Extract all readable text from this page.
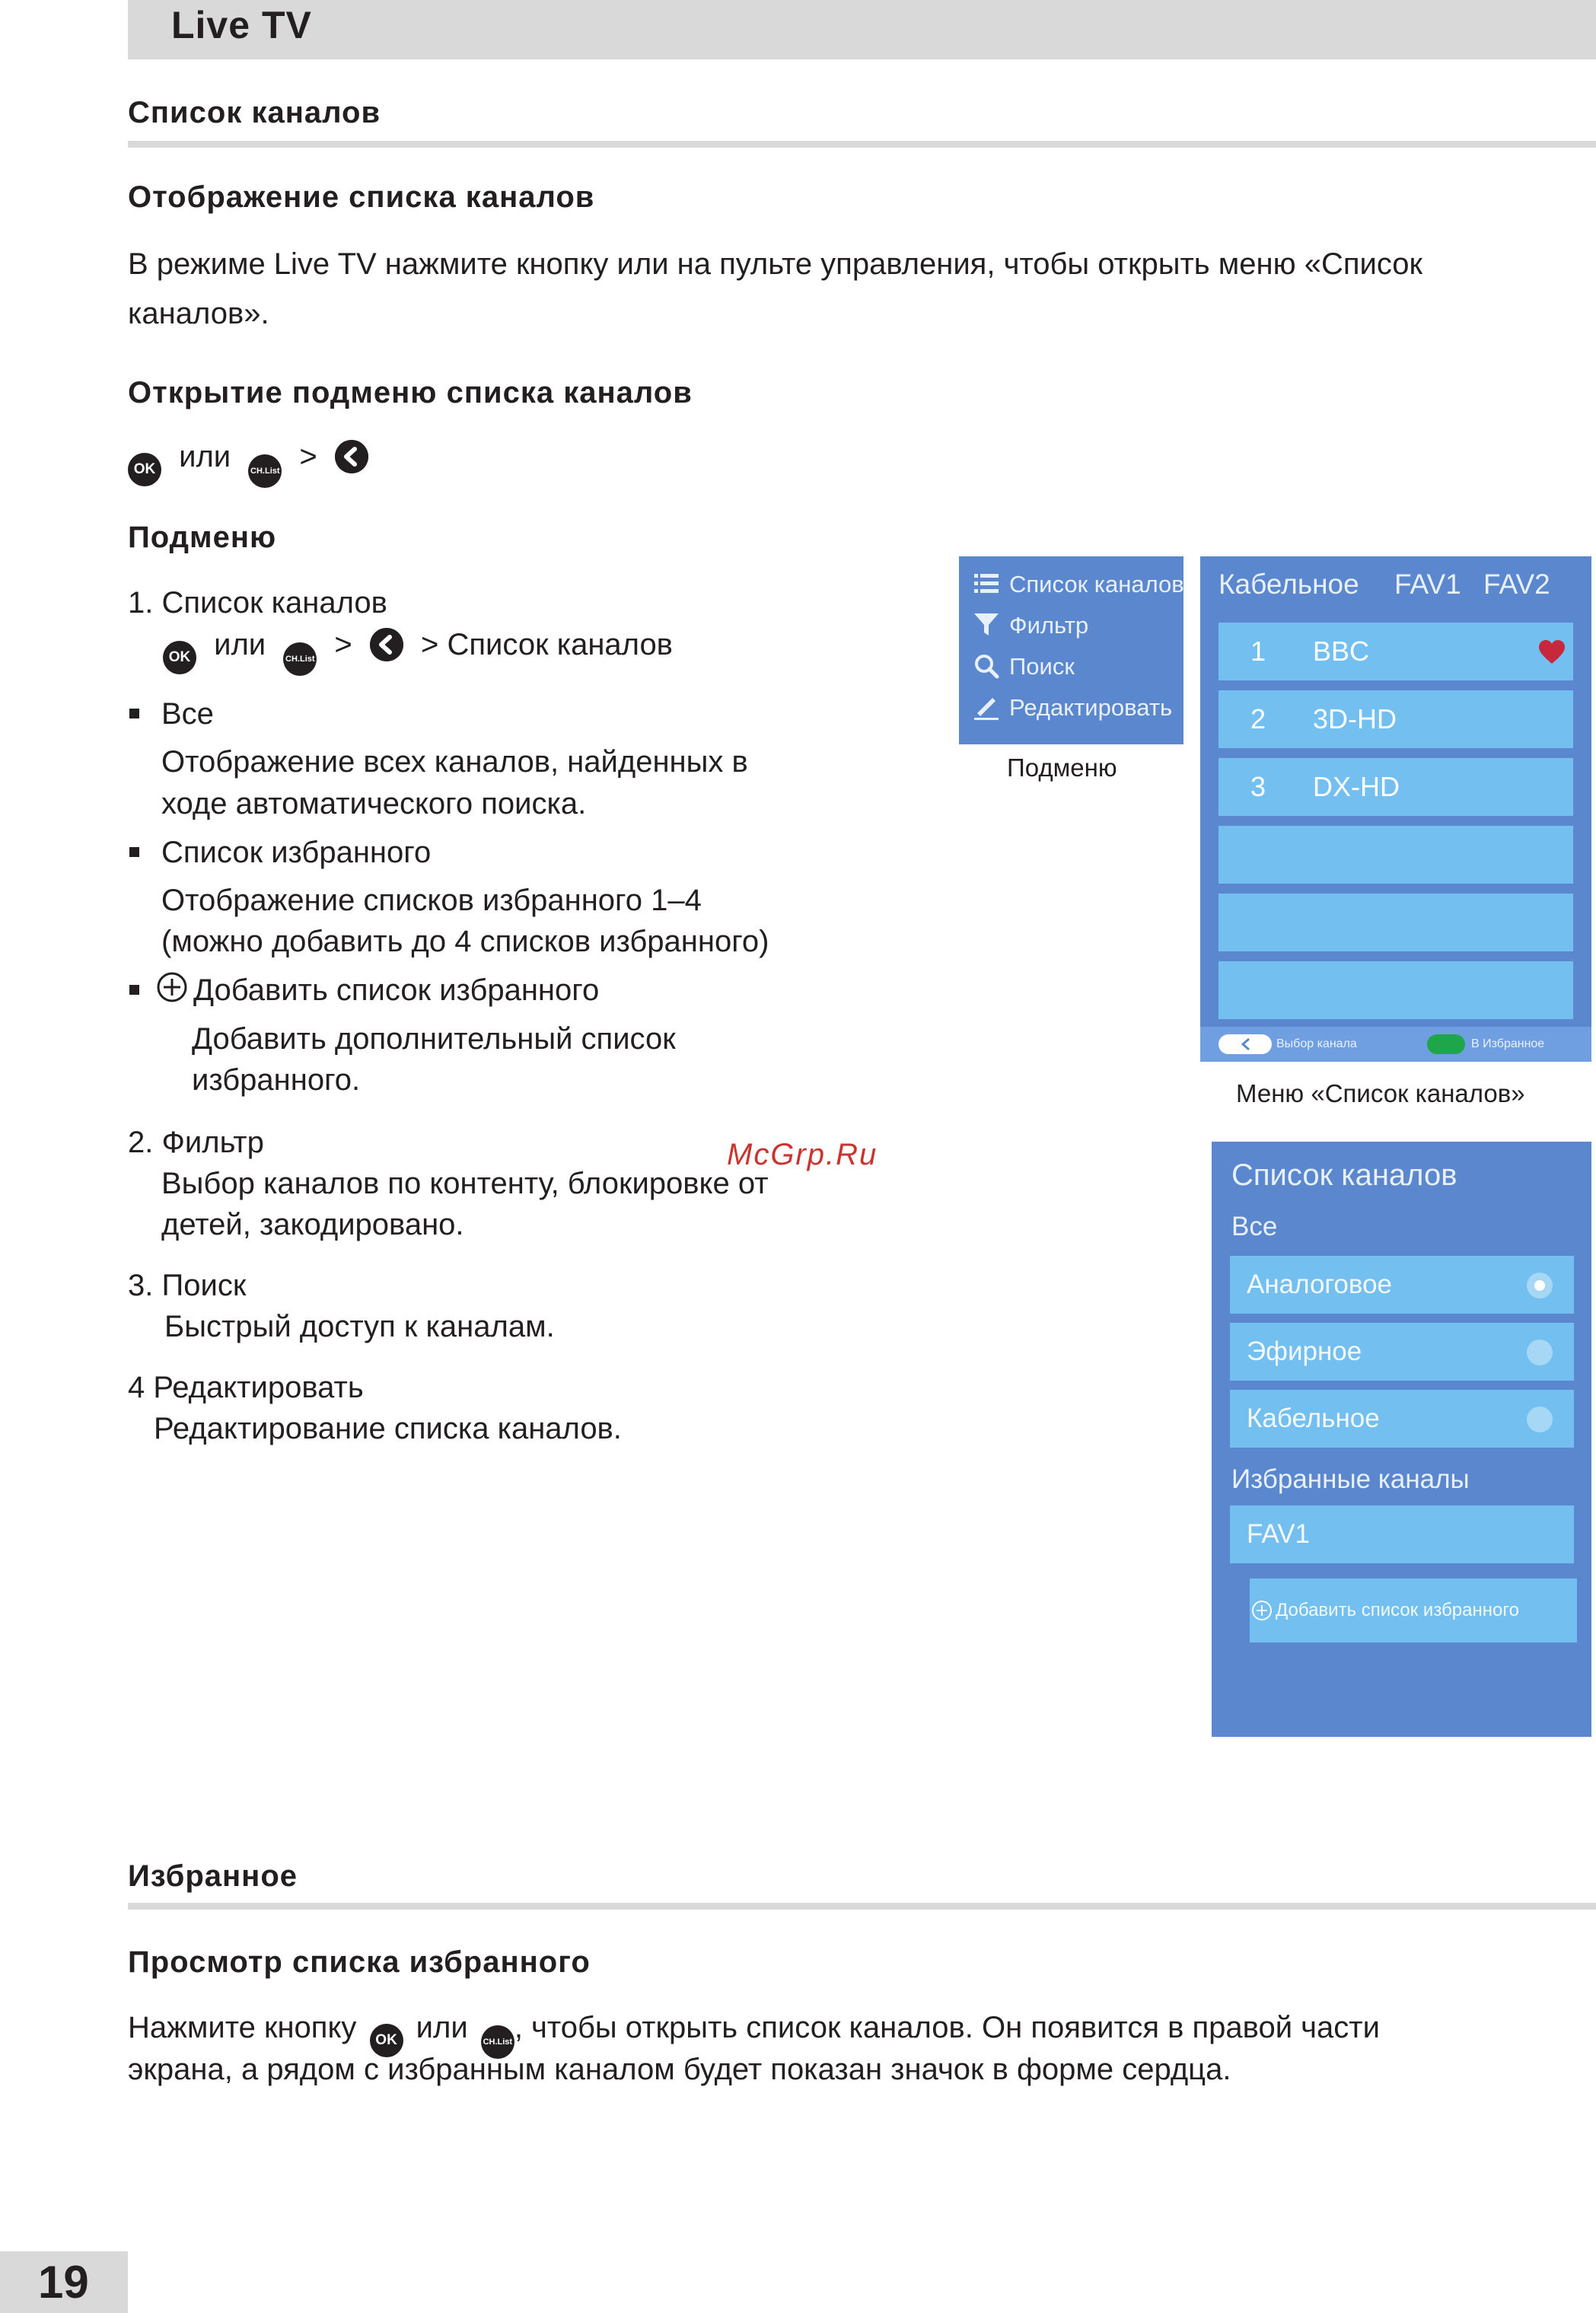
Live TV
Список каналов
Отображение списка каналов
В режиме Live TV нажмите кнопку или на пульте управления, чтобы открыть меню «Список
каналов».
Открытие подменю списка каналов
OK или CH.List >
Подменю
1. Список каналов
OK или CH.List > > Список каналов
Все
Отображение всех каналов, найденных в
ходе автоматического поиска.
Список избранного
Отображение списков избранного 1–4
(можно добавить до 4 списков избранного)
Добавить список избранного
Добавить дополнительный список
избранного.
2. Фильтр
Выбор каналов по контенту, блокировке от
детей, закодировано.
3. Поиск
Быстрый доступ к каналам.
4 Редактировать
Редактирование списка каналов.
McGrp.Ru
Список каналов
Фильтр
Поиск
Редактировать
Подменю
Кабельное FAV1 FAV2
1 BBC
2 3D-HD
3 DX-HD
Выбор канала	В Избранное
Меню «Список каналов»
Список каналов
Все
Аналоговое
Эфирное
Кабельное
Избранные каналы
FAV1
Добавить список избранного
Избранное
Просмотр списка избранного
Нажмите кнопку OK или CH.List, чтобы открыть список каналов. Он появится в правой части
экрана, а рядом с избранным каналом будет показан значок в форме сердца.
19
